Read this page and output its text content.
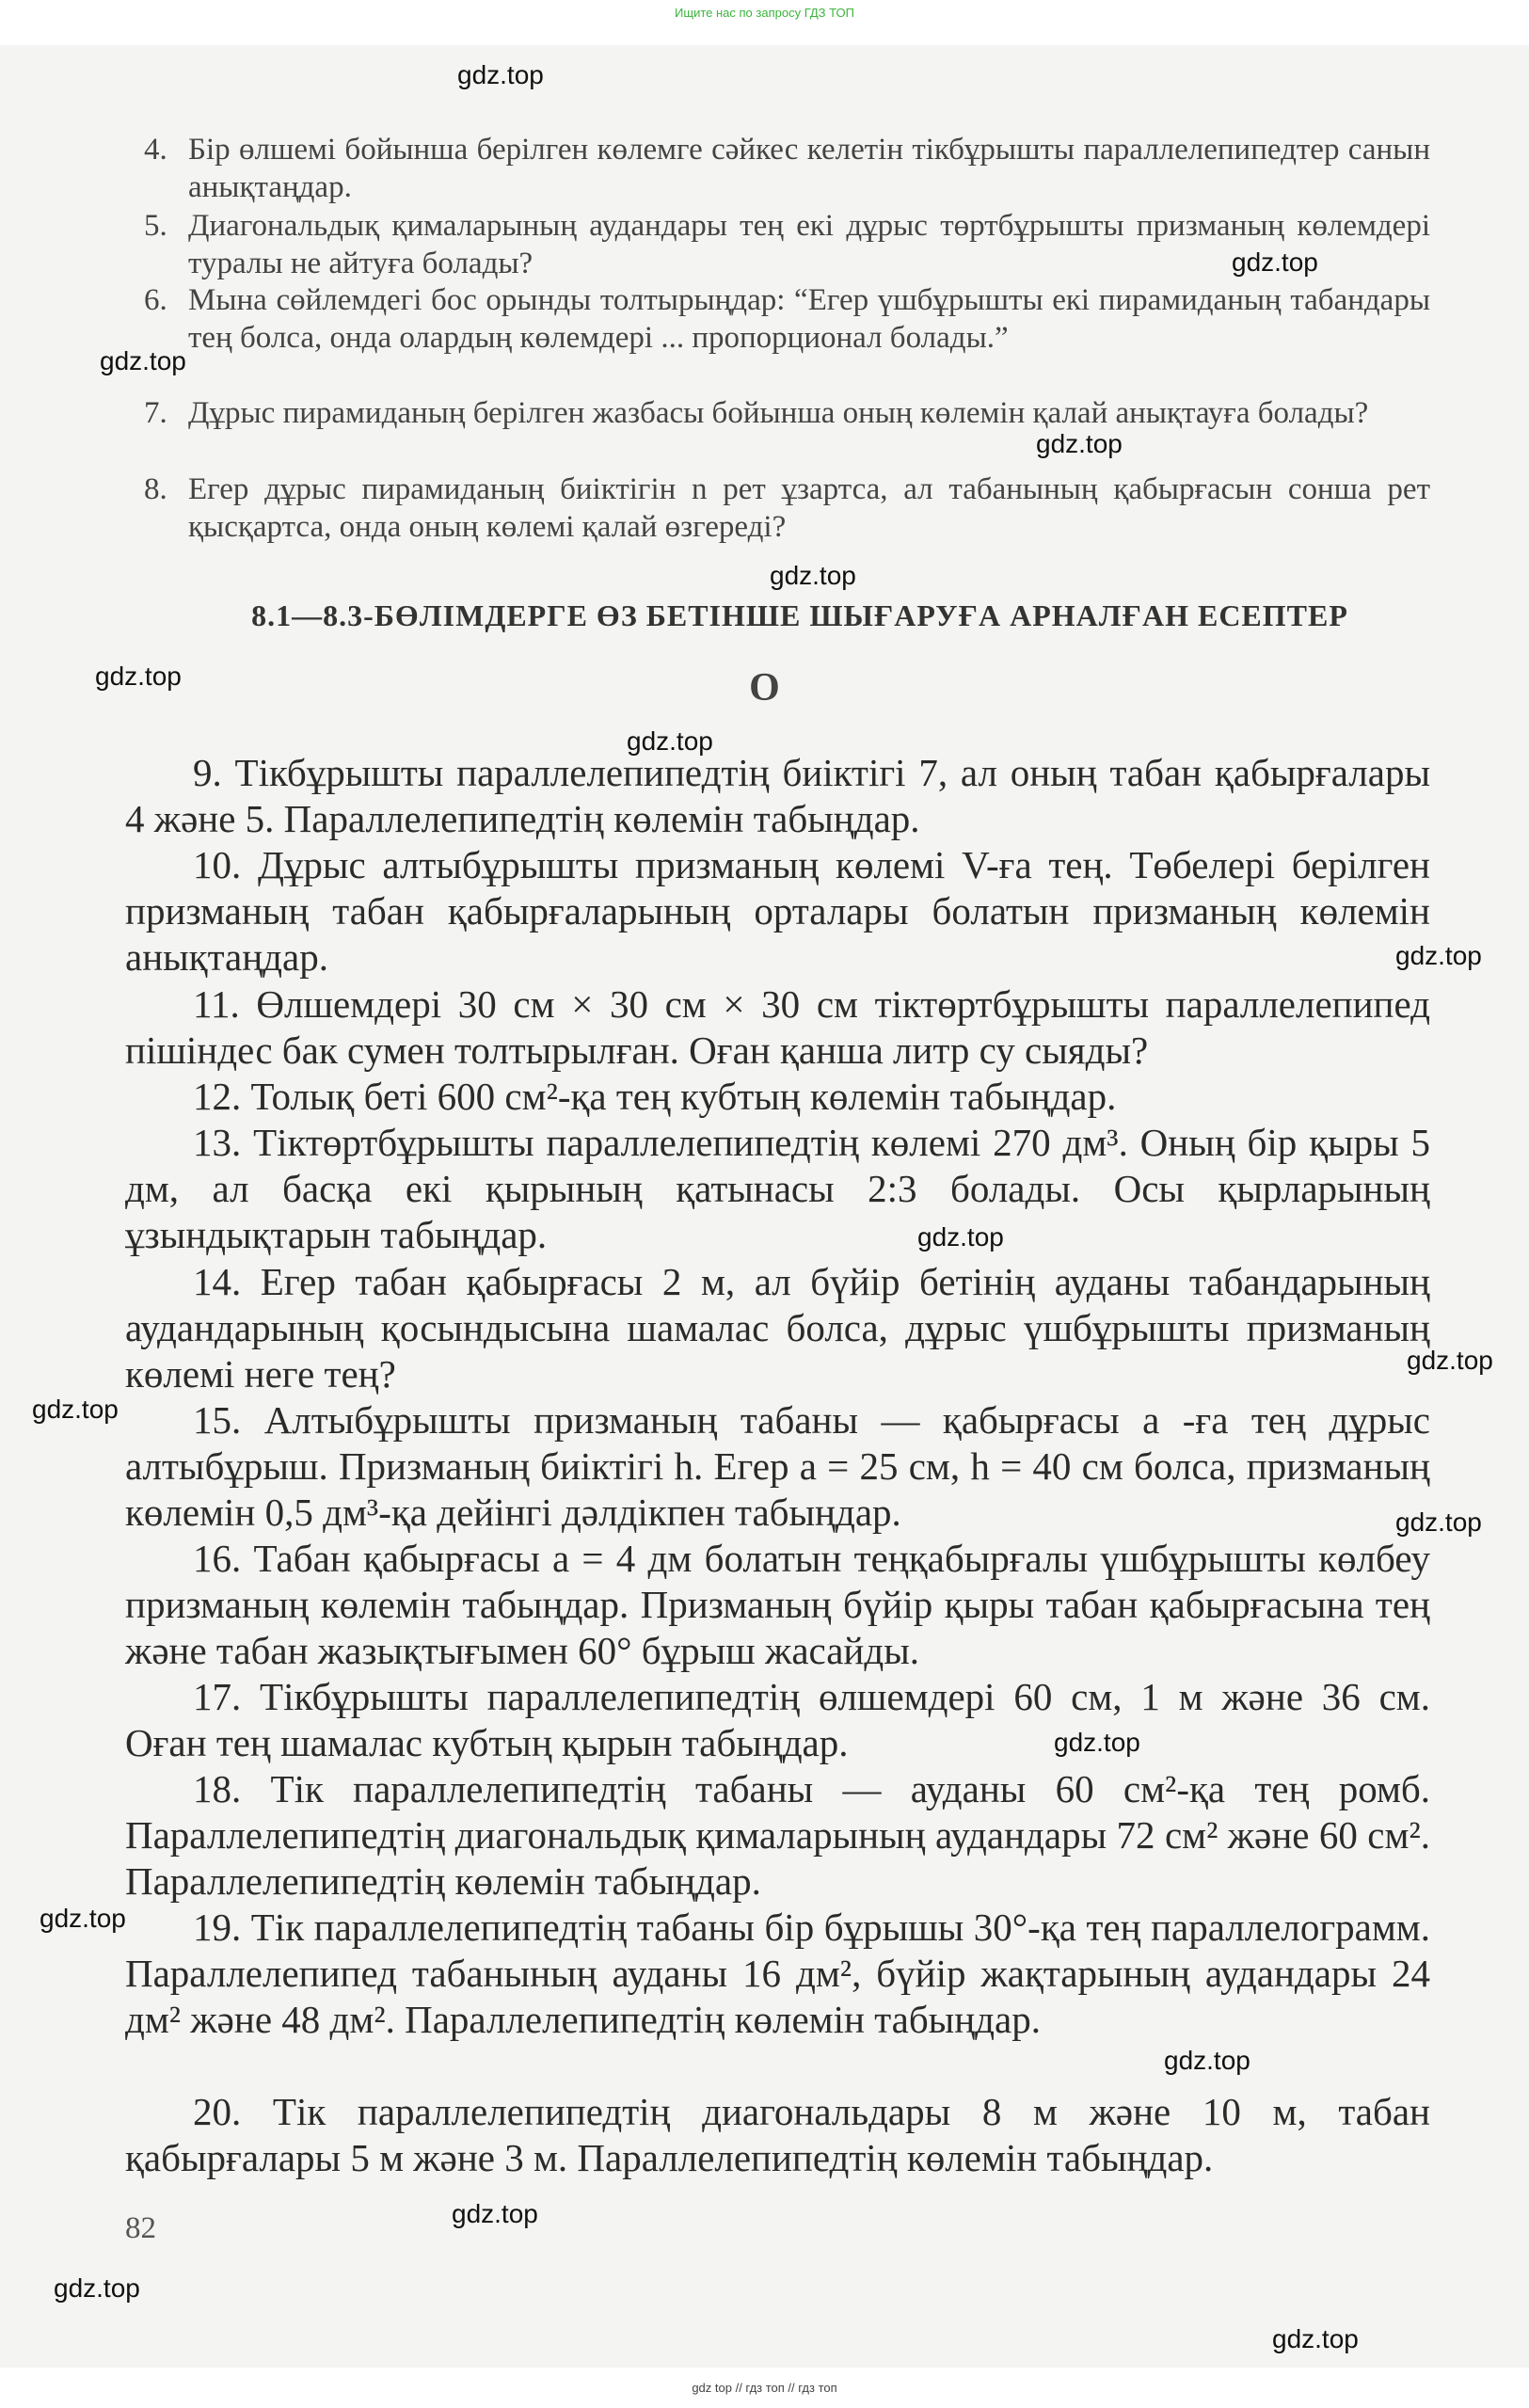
Ищите нас по запросу ГДЗ ТОП
4. Бір өлшемі бойынша берілген көлемге сәйкес келетін тікбұрышты параллелепипедтер санын анықтаңдар.
5. Диагональдық қималарының аудандары тең екі дұрыс төртбұрышты призманың көлемдері туралы не айтуға болады?
6. Мына сөйлемдегі бос орынды толтырыңдар: “Егер үшбұрышты екі пирамиданың табандары тең болса, онда олардың көлемдері ... пропорционал болады.”
7. Дұрыс пирамиданың берілген жазбасы бойынша оның көлемін қалай анықтауға болады?
8. Егер дұрыс пирамиданың биіктігін n рет ұзартса, ал табанының қабырғасын сонша рет қысқартса, онда оның көлемі қалай өзгереді?
8.1—8.3-БӨЛІМДЕРГЕ ӨЗ БЕТІНШЕ ШЫҒАРУҒА АРНАЛҒАН ЕСЕПТЕР
О
9. Тікбұрышты параллелепипедтің биіктігі 7, ал оның табан қабырғалары 4 және 5. Параллелепипедтің көлемін табыңдар.
10. Дұрыс алтыбұрышты призманың көлемі V-ға тең. Төбелері берілген призманың табан қабырғаларының орталары болатын призманың көлемін анықтаңдар.
11. Өлшемдері 30 см × 30 см × 30 см тіктөртбұрышты параллелепипед пішіндес бак сумен толтырылған. Оған қанша литр су сыяды?
12. Толық беті 600 см²-қа тең кубтың көлемін табыңдар.
13. Тіктөртбұрышты параллелепипедтің көлемі 270 дм³. Оның бір қыры 5 дм, ал басқа екі қырының қатынасы 2:3 болады. Осы қырларының ұзындықтарын табыңдар.
14. Егер табан қабырғасы 2 м, ал бүйір бетінің ауданы табандарының аудандарының қосындысына шамалас болса, дұрыс үшбұрышты призманың көлемі неге тең?
15. Алтыбұрышты призманың табаны — қабырғасы a -ға тең дұрыс алтыбұрыш. Призманың биіктігі h. Егер a = 25 см, h = 40 см болса, призманың көлемін 0,5 дм³-қа дейінгі дәлдікпен табыңдар.
16. Табан қабырғасы a = 4 дм болатын теңқабырғалы үшбұрышты көлбеу призманың көлемін табыңдар. Призманың бүйір қыры табан қабырғасына тең және табан жазықтығымен 60° бұрыш жасайды.
17. Тікбұрышты параллелепипедтің өлшемдері 60 см, 1 м және 36 см. Оған тең шамалас кубтың қырын табыңдар.
18. Тік параллелепипедтің табаны — ауданы 60 см²-қа тең ромб. Параллелепипедтің диагональдық қималарының аудандары 72 см² және 60 см². Параллелепипедтің көлемін табыңдар.
19. Тік параллелепипедтің табаны бір бұрышы 30°-қа тең параллелограмм. Параллелепипед табанының ауданы 16 дм², бүйір жақтарының аудандары 24 дм² және 48 дм². Параллелепипедтің көлемін табыңдар.
20. Тік параллелепипедтің диагональдары 8 м және 10 м, табан қабырғалары 5 м және 3 м. Параллелепипедтің көлемін табыңдар.
82
gdz.top
gdz.top
gdz.top
gdz.top
gdz.top
gdz.top
gdz.top
gdz.top
gdz.top
gdz.top
gdz.top
gdz.top
gdz.top
gdz.top
gdz.top
gdz.top
gdz.top
gdz.top
gdz top // гдз топ // гдз топ
